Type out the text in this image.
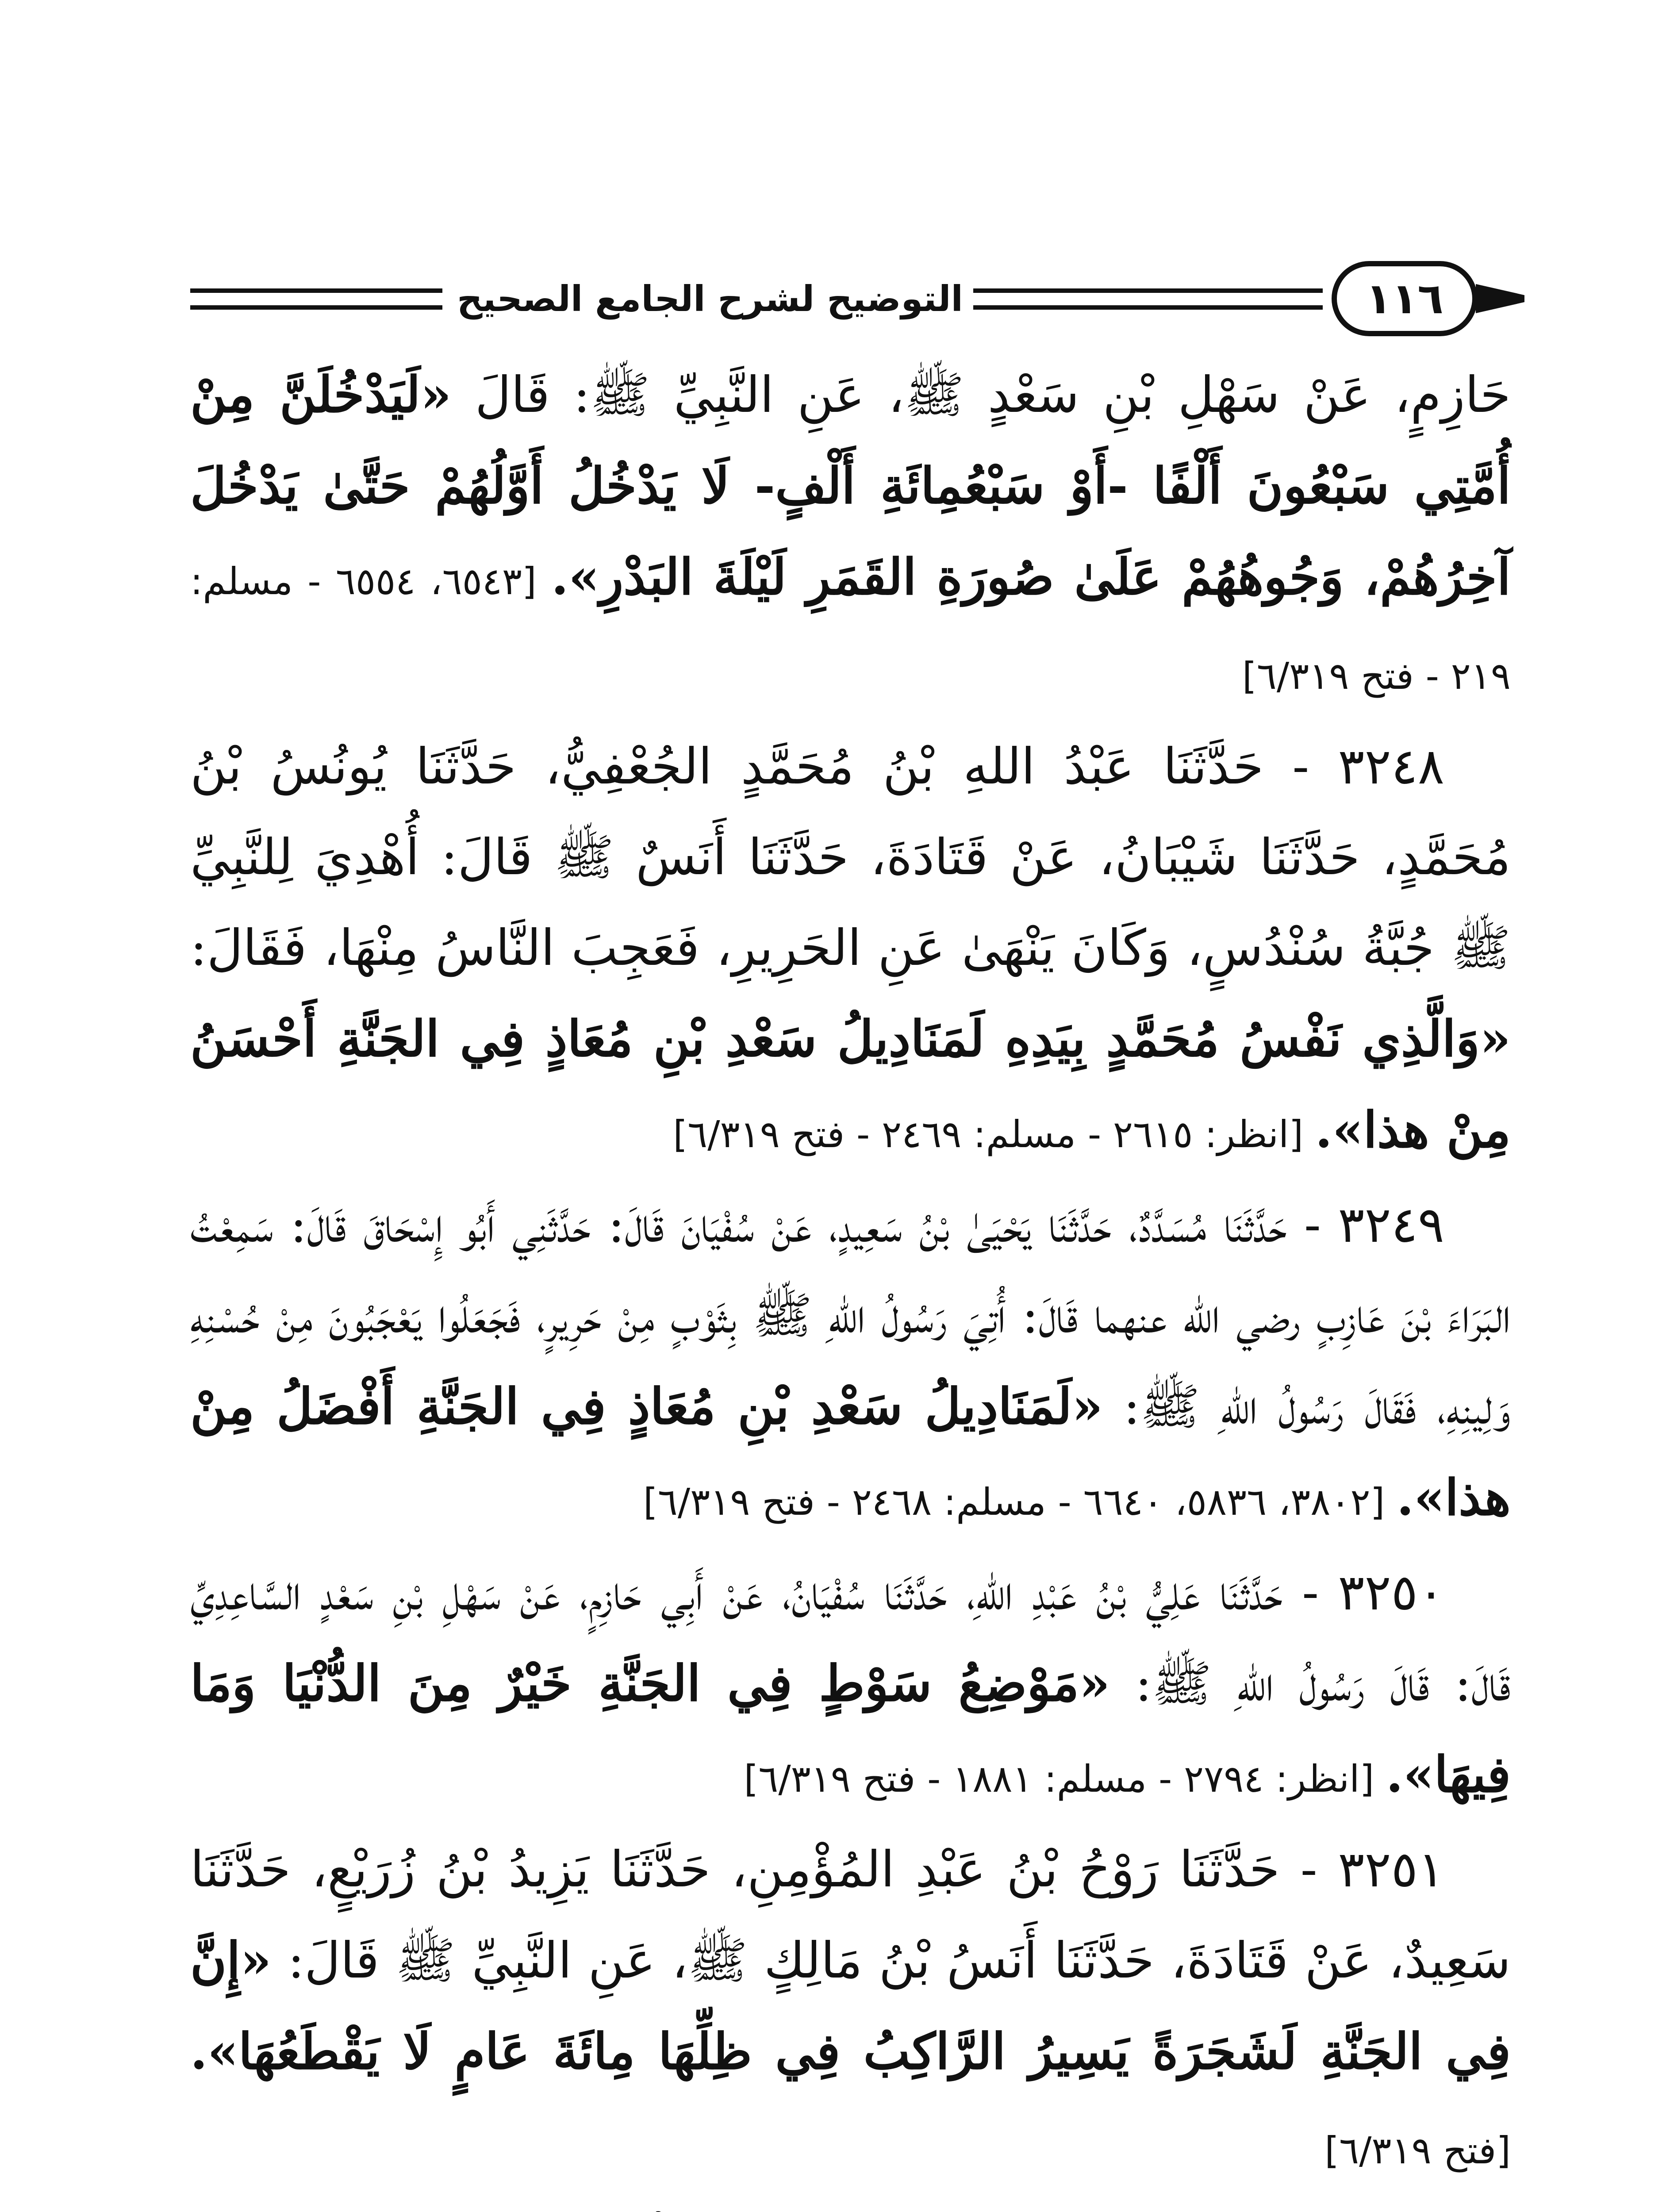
التوضيح لشرح الجامع الصحيح	١١٦

حَازِمٍ، عَنْ سَهْلِ بْنِ سَعْدٍ ﷺ، عَنِ النَّبِيِّ ﷺ: قَالَ «لَيَدْخُلَنَّ مِنْ أُمَّتِي سَبْعُونَ أَلْفًا -أَوْ سَبْعُمِائَةِ أَلْفٍ- لَا يَدْخُلُ أَوَّلُهُمْ حَتَّىٰ يَدْخُلَ آخِرُهُمْ، وَجُوهُهُمْ عَلَىٰ صُورَةِ القَمَرِ لَيْلَةَ البَدْرِ». [٦٥٤٣، ٦٥٥٤ - مسلم: ٢١٩ - فتح ٦/٣١٩]

٣٢٤٨ - حَدَّثَنَا عَبْدُ اللهِ بْنُ مُحَمَّدٍ الجُعْفِيُّ، حَدَّثَنَا يُونُسُ بْنُ مُحَمَّدٍ، حَدَّثَنَا شَيْبَانُ، عَنْ قَتَادَةَ، حَدَّثَنَا أَنَسٌ ﷺ قَالَ: أُهْدِيَ لِلنَّبِيِّ ﷺ جُبَّةُ سُنْدُسٍ، وَكَانَ يَنْهَىٰ عَنِ الحَرِيرِ، فَعَجِبَ النَّاسُ مِنْهَا، فَقَالَ: «وَالَّذِي نَفْسُ مُحَمَّدٍ بِيَدِهِ لَمَنَادِيلُ سَعْدِ بْنِ مُعَاذٍ فِي الجَنَّةِ أَحْسَنُ مِنْ هذا». [انظر: ٢٦١٥ - مسلم: ٢٤٦٩ - فتح ٦/٣١٩]

٣٢٤٩ - حَدَّثَنَا مُسَدَّدٌ، حَدَّثَنَا يَحْيَىٰ بْنُ سَعِيدٍ، عَنْ سُفْيَانَ قَالَ: حَدَّثَنِي أَبُو إِسْحَاقَ قَالَ: سَمِعْتُ البَرَاءَ بْنَ عَازِبٍ رضي الله عنهما قَالَ: أُتِيَ رَسُولُ اللهِ ﷺ بِثَوْبٍ مِنْ حَرِيرٍ، فَجَعَلُوا يَعْجَبُونَ مِنْ حُسْنِهِ وَلِينِهِ، فَقَالَ رَسُولُ اللهِ ﷺ: «لَمَنَادِيلُ سَعْدِ بْنِ مُعَاذٍ فِي الجَنَّةِ أَفْضَلُ مِنْ هذا». [٣٨٠٢، ٥٨٣٦، ٦٦٤٠ - مسلم: ٢٤٦٨ - فتح ٦/٣١٩]

٣٢٥٠ - حَدَّثَنَا عَلِيُّ بْنُ عَبْدِ اللهِ، حَدَّثَنَا سُفْيَانُ، عَنْ أَبِي حَازِمٍ، عَنْ سَهْلِ بْنِ سَعْدٍ السَّاعِدِيِّ قَالَ: قَالَ رَسُولُ اللهِ ﷺ: «مَوْضِعُ سَوْطٍ فِي الجَنَّةِ خَيْرٌ مِنَ الدُّنْيَا وَمَا فِيهَا». [انظر: ٢٧٩٤ - مسلم: ١٨٨١ - فتح ٦/٣١٩]

٣٢٥١ - حَدَّثَنَا رَوْحُ بْنُ عَبْدِ المُؤْمِنِ، حَدَّثَنَا يَزِيدُ بْنُ زُرَيْعٍ، حَدَّثَنَا سَعِيدٌ، عَنْ قَتَادَةَ، حَدَّثَنَا أَنَسُ بْنُ مَالِكٍ ﷺ، عَنِ النَّبِيِّ ﷺ قَالَ: «إِنَّ فِي الجَنَّةِ لَشَجَرَةً يَسِيرُ الرَّاكِبُ فِي ظِلِّهَا مِائَةَ عَامٍ لَا يَقْطَعُهَا». [فتح ٦/٣١٩]
